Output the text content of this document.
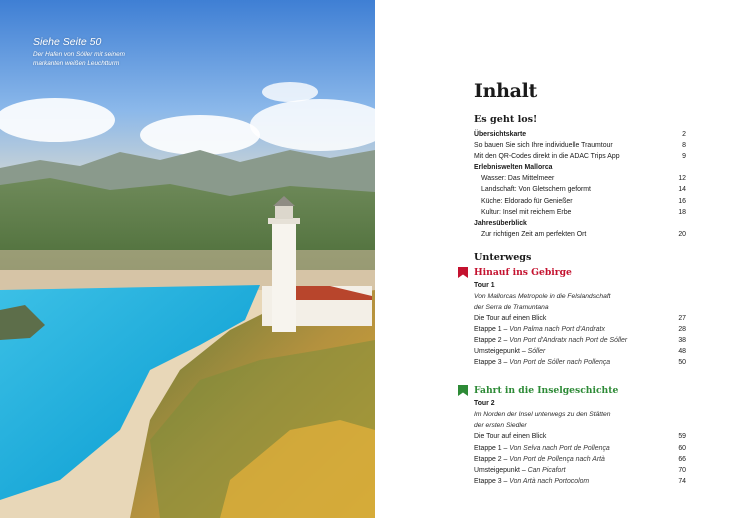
Siehe Seite 50
Der Hafen von Sóller mit seinem
markanten weißen Leuchtturm
Inhalt
Es geht los!
Übersichtskarte	2
So bauen Sie sich Ihre individuelle Traumtour	8
Mit den QR-Codes direkt in die ADAC Trips App	9
Erlebniswelten Mallorca
Wasser: Das Mittelmeer	12
Landschaft: Von Gletschern geformt	14
Küche: Eldorado für Genießer	16
Kultur: Insel mit reichem Erbe	18
Jahresüberblick
Zur richtigen Zeit am perfekten Ort	20
Unterwegs
Hinauf ins Gebirge
Tour 1
Von Mallorcas Metropole in die Felslandschaft
der Serra de Tramuntana
Die Tour auf einen Blick	27
Etappe 1 – Von Palma nach Port d'Andratx	28
Etappe 2 – Von Port d'Andratx nach Port de Sóller	38
Umsteigepunkt – Sóller	48
Etappe 3 – Von Port de Sóller nach Pollença	50
Fahrt in die Inselgeschichte
Tour 2
Im Norden der Insel unterwegs zu den Stätten
der ersten Siedler
Die Tour auf einen Blick	59
Etappe 1 – Von Selva nach Port de Pollença	60
Etappe 2 – Von Port de Pollença nach Artà	66
Umsteigepunkt – Can Picafort	70
Etappe 3 – Von Artà nach Portocolom	74
